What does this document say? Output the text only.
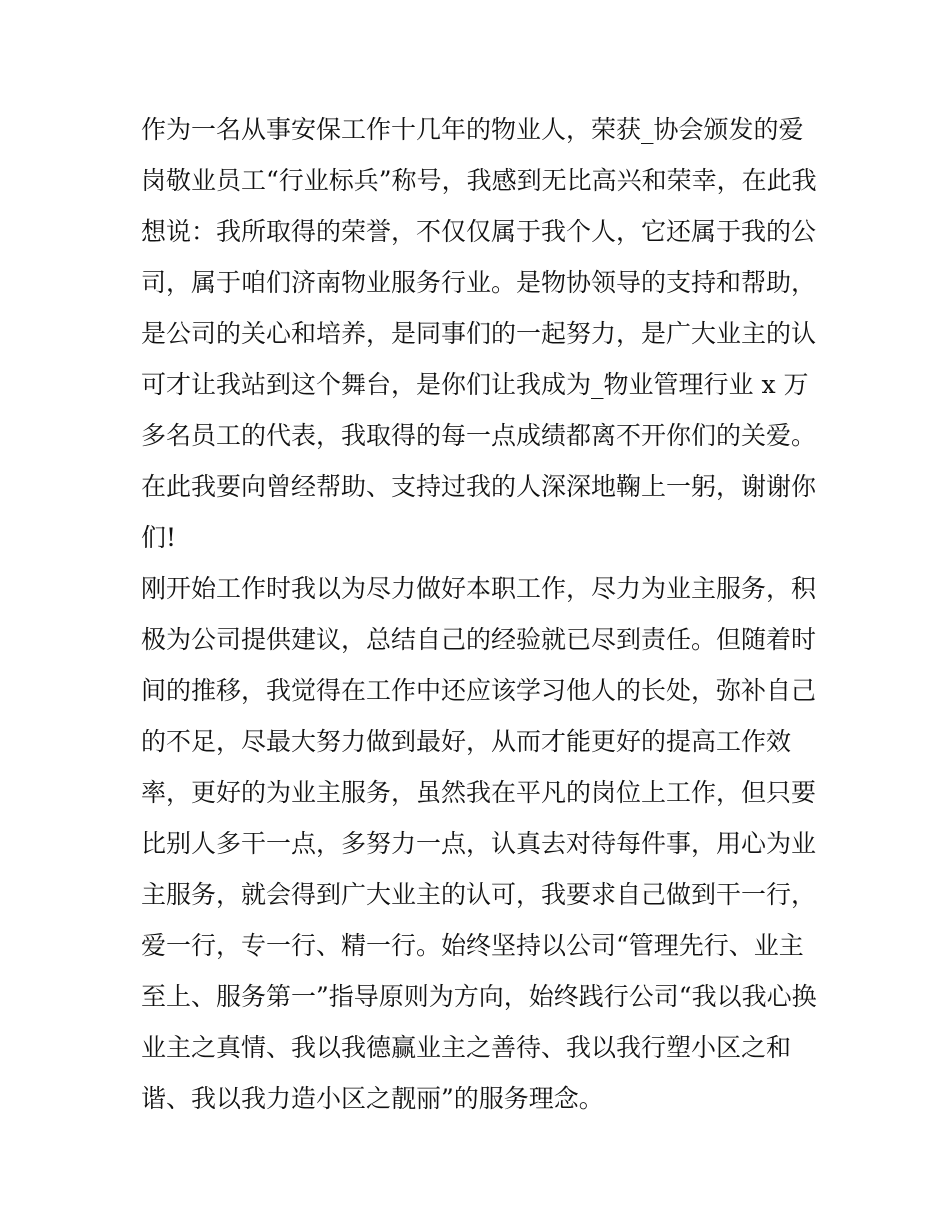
作为一名从事安保工作十几年的物业人，荣获_协会颁发的爱
岗敬业员工“行业标兵”称号，我感到无比高兴和荣幸，在此我
想说：我所取得的荣誉，不仅仅属于我个人，它还属于我的公
司，属于咱们济南物业服务行业。是物协领导的支持和帮助，
是公司的关心和培养，是同事们的一起努力，是广大业主的认
可才让我站到这个舞台，是你们让我成为_物业管理行业 x 万
多名员工的代表，我取得的每一点成绩都离不开你们的关爱。
在此我要向曾经帮助、支持过我的人深深地鞠上一躬，谢谢你
们!
刚开始工作时我以为尽力做好本职工作，尽力为业主服务，积
极为公司提供建议，总结自己的经验就已尽到责任。但随着时
间的推移，我觉得在工作中还应该学习他人的长处，弥补自己
的不足，尽最大努力做到最好，从而才能更好的提高工作效
率，更好的为业主服务，虽然我在平凡的岗位上工作，但只要
比别人多干一点，多努力一点，认真去对待每件事，用心为业
主服务，就会得到广大业主的认可，我要求自己做到干一行，
爱一行，专一行、精一行。始终坚持以公司“管理先行、业主
至上、服务第一”指导原则为方向，始终践行公司“我以我心换
业主之真情、我以我德赢业主之善待、我以我行塑小区之和
谐、我以我力造小区之靓丽”的服务理念。
